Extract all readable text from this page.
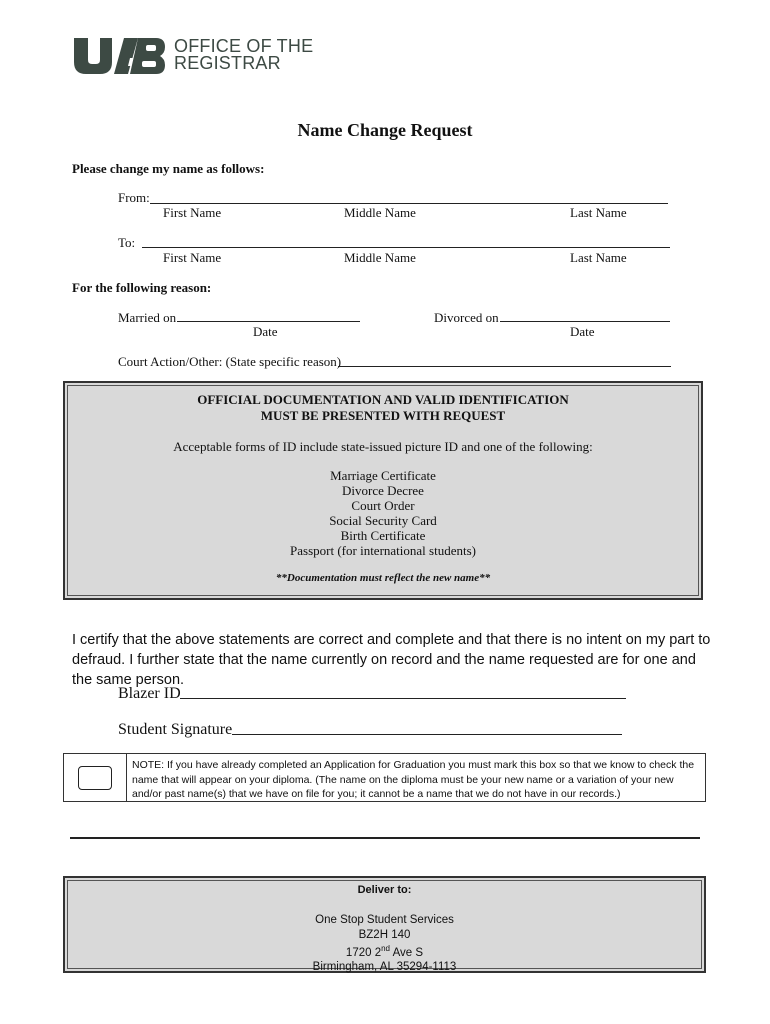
OFFICE OF THE
REGISTRAR
Name Change Request
Please change my name as follows:
From:
First Name	Middle Name	Last Name
To:
First Name	Middle Name	Last Name
For the following reason:
Married on
Date
Divorced on
Date
Court Action/Other: (State specific reason)
OFFICIAL DOCUMENTATION AND VALID IDENTIFICATION
MUST BE PRESENTED WITH REQUEST
Acceptable forms of ID include state-issued picture ID and one of the following:
Marriage Certificate
Divorce Decree
Court Order
Social Security Card
Birth Certificate
Passport (for international students)
**Documentation must reflect the new name**
I certify that the above statements are correct and complete and that there is no intent on my part to defraud. I further state that the name currently on record and the name requested are for one and the same person.
Blazer ID
Student Signature
NOTE: If you have already completed an Application for Graduation you must mark this box so that we know to check the name that will appear on your diploma. (The name on the diploma must be your new name or a variation of your new and/or past name(s) that we have on file for you; it cannot be a name that we do not have in our records.)
Deliver to:
One Stop Student Services
BZ2H 140
1720 2nd Ave S
Birmingham, AL 35294-1113
